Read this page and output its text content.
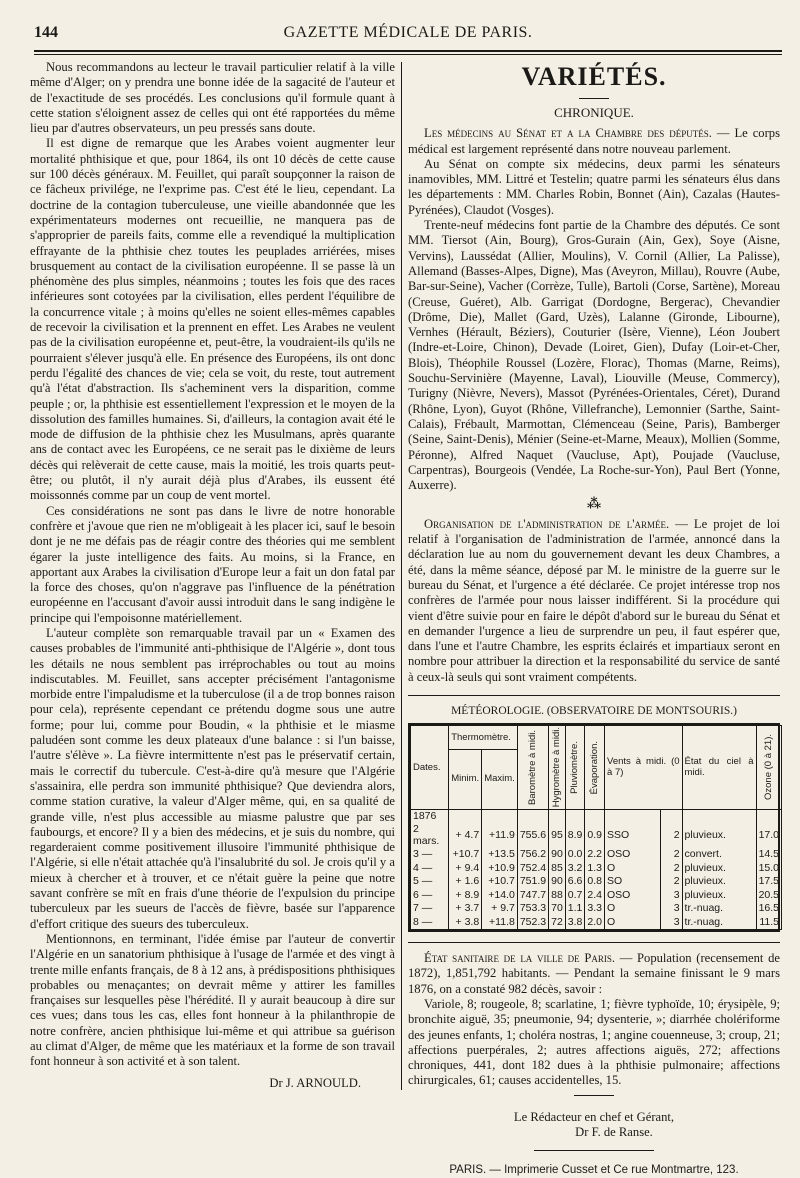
144	GAZETTE MÉDICALE DE PARIS.

Nous recommandons au lecteur le travail particulier relatif à la ville même d'Alger; on y prendra une bonne idée de la sagacité de l'auteur et de l'exactitude de ses procédés. Les conclusions qu'il formule quant à cette station s'éloignent assez de celles qui ont été rapportées du même lieu par d'autres observateurs, un peu pressés sans doute.

Il est digne de remarque que les Arabes voient augmenter leur mortalité phthisique et que, pour 1864, ils ont 10 décès de cette cause sur 100 décès généraux. M. Feuillet, qui paraît soupçonner la raison de ce fâcheux privilége, ne l'exprime pas. C'est été le lieu, cependant. La doctrine de la contagion tuberculeuse, une vieille abandonnée que les expérimentateurs modernes ont recueillie, ne manquera pas de s'approprier de pareils faits, comme elle a revendiqué la multiplication effrayante de la phthisie chez toutes les peuplades arriérées, mises brusquement au contact de la civilisation européenne. Il se passe là un phénomène des plus simples, néanmoins ; toutes les fois que des races inférieures sont cotoyées par la civilisation, elles perdent l'équilibre de la concurrence vitale ; à moins qu'elles ne soient elles-mêmes capables de recevoir la civilisation et la prennent en effet. Les Arabes ne veulent pas de la civilisation européenne et, peut-être, la voudraient-ils qu'ils ne pourraient s'élever jusqu'à elle. En présence des Européens, ils ont donc perdu l'égalité des chances de vie; cela se voit, du reste, tout autrement qu'à l'état d'abstraction. Ils s'acheminent vers la disparition, comme peuple ; or, la phthisie est essentiellement l'expression et le moyen de la dissolution des familles humaines. Si, d'ailleurs, la contagion avait été le mode de diffusion de la phthisie chez les Musulmans, après quarante ans de contact avec les Européens, ce ne serait pas le dixième de leurs décès qui relèverait de cette cause, mais la moitié, les trois quarts peut-être; ou plutôt, il n'y aurait déjà plus d'Arabes, ils eussent été moissonnés comme par un coup de vent mortel.

Ces considérations ne sont pas dans le livre de notre honorable confrère et j'avoue que rien ne m'obligeait à les placer ici, sauf le besoin dont je ne me défais pas de réagir contre des théories qui me semblent égarer la juste intelligence des faits. Au moins, si la France, en apportant aux Arabes la civilisation d'Europe leur a fait un don fatal par la force des choses, qu'on n'aggrave pas l'influence de la pénétration européenne en l'accusant d'avoir aussi introduit dans le sang indigène le principe qui l'empoisonne matériellement.

L'auteur complète son remarquable travail par un « Examen des causes probables de l'immunité anti-phthisique de l'Algérie », dont tous les détails ne nous semblent pas irréprochables ou tout au moins indiscutables. M. Feuillet, sans accepter précisément l'antagonisme morbide entre l'impaludisme et la tuberculose (il a de trop bonnes raison pour cela), représente cependant ce prétendu dogme sous une autre forme; pour lui, comme pour Boudin, « la phthisie et le miasme paludéen sont comme les deux plateaux d'une balance : si l'un baisse, l'autre s'élève ». La fièvre intermittente n'est pas le préservatif certain, mais le correctif du tubercule. C'est-à-dire qu'à mesure que l'Algérie s'assainira, elle perdra son immunité phthisique? Que deviendra alors, comme station curative, la valeur d'Alger même, qui, en sa qualité de grande ville, n'est plus accessible au miasme palustre que par ses faubourgs, et encore? Il y a bien des médecins, et je suis du nombre, qui regarderaient comme positivement illusoire l'immunité phthisique de l'Algérie, si elle n'était attachée qu'à l'insalubrité du sol. Je crois qu'il y a mieux à chercher et à trouver, et ce n'était guère la peine que notre savant confrère se mît en frais d'une théorie de l'expulsion du principe tuberculeux par les sueurs de l'accès de fièvre, basée sur l'apparence d'effort critique des sueurs des tuberculeux.

Mentionnons, en terminant, l'idée émise par l'auteur de convertir l'Algérie en un sanatorium phthisique à l'usage de l'armée et des vingt à trente mille enfants français, de 8 à 12 ans, à prédispositions phthisiques probables ou menaçantes; on devrait même y attirer les familles françaises sur lesquelles pèse l'hérédité. Il y aurait beaucoup à dire sur ces vues; dans tous les cas, elles font honneur à la philanthropie de notre confrère, ancien phthisique lui-même et qui attribue sa guérison au climat d'Alger, de même que les matériaux et la forme de son travail font honneur à son activité et à son talent.

Dr J. ARNOULD.
VARIÉTÉS.
CHRONIQUE.

Les médecins au Sénat et a la Chambre des députés. — Le corps médical est largement représenté dans notre nouveau parlement.

Au Sénat on compte six médecins, deux parmi les sénateurs inamovibles, MM. Littré et Testelin; quatre parmi les sénateurs élus dans les départements : MM. Charles Robin, Bonnet (Ain), Cazalas (Hautes-Pyrénées), Claudot (Vosges).

Trente-neuf médecins font partie de la Chambre des députés. Ce sont MM. Tiersot (Ain, Bourg), Gros-Gurain (Ain, Gex), Soye (Aisne, Vervins), Laussédat (Allier, Moulins), V. Cornil (Allier, La Palisse), Allemand (Basses-Alpes, Digne), Mas (Aveyron, Millau), Rouvre (Aube, Bar-sur-Seine), Vacher (Corrèze, Tulle), Bartoli (Corse, Sartène), Moreau (Creuse, Guéret), Alb. Garrigat (Dordogne, Bergerac), Chevandier (Drôme, Die), Mallet (Gard, Uzès), Lalanne (Gironde, Libourne), Vernhes (Hérault, Béziers), Couturier (Isère, Vienne), Léon Joubert (Indre-et-Loire, Chinon), Devade (Loiret, Gien), Dufay (Loir-et-Cher, Blois), Théophile Roussel (Lozère, Florac), Thomas (Marne, Reims), Souchu-Servinière (Mayenne, Laval), Liouville (Meuse, Commercy), Turigny (Nièvre, Nevers), Massot (Pyrénées-Orientales, Céret), Durand (Rhône, Lyon), Guyot (Rhône, Villefranche), Lemonnier (Sarthe, Saint-Calais), Frébault, Marmottan, Clémenceau (Seine, Paris), Bamberger (Seine, Saint-Denis), Ménier (Seine-et-Marne, Meaux), Mollien (Somme, Péronne), Alfred Naquet (Vaucluse, Apt), Poujade (Vaucluse, Carpentras), Bourgeois (Vendée, La Roche-sur-Yon), Paul Bert (Yonne, Auxerre).

⁂

Organisation de l'administration de l'armée. — Le projet de loi relatif à l'organisation de l'administration de l'armée, annoncé dans la déclaration lue au nom du gouvernement devant les deux Chambres, a été, dans la même séance, déposé par M. le ministre de la guerre sur le bureau du Sénat, et l'urgence a été déclarée. Ce projet intéresse trop nos confrères de l'armée pour nous laisser indifférent. Si la procédure qui vient d'être suivie pour en faire le dépôt d'abord sur le bureau du Sénat et en demander l'urgence a lieu de surprendre un peu, il faut espérer que, dans l'une et l'autre Chambre, les esprits éclairés et impartiaux seront en nombre pour attribuer la direction et la responsabilité du service de santé à ceux-là seuls qui sont vraiment compétents.

MÉTÉOROLOGIE. (OBSERVATOIRE DE MONTSOURIS.)
Dates.	Thermomètre.		Baromètre à midi.	Hygromètre à midi.	Pluviomètre.	Évaporation.	Vents à midi. (0 à 7)		État du ciel à midi.	Ozone (0 à 21).

	Minim.	Maxim.								
1876										
2 mars.	+ 4.7	+11.9	755.6	95	8.9	0.9	SSO	2	pluvieux.	17.0
3 —	+10.7	+13.5	756.2	90	0.0	2.2	OSO	2	convert.	14.5
4 —	+ 9.4	+10.9	752.4	85	3.2	1.3	O	2	pluvieux.	15.0
5 —	+ 1.6	+10.7	751.9	90	6.6	0.8	SO	2	pluvieux.	17.5
6 —	+ 8.9	+14.0	747.7	88	0.7	2.4	OSO	3	pluvieux.	20.5
7 —	+ 3.7	+ 9.7	753.3	70	1.1	3.3	O	3	tr.-nuag.	16.5
8 —	+ 3.8	+11.8	752.3	72	3.8	2.0	O	3	tr.-nuag.	11.5

État sanitaire de la ville de Paris. — Population (recensement de 1872), 1,851,792 habitants. — Pendant la semaine finissant le 9 mars 1876, on a constaté 982 décès, savoir :

Variole, 8; rougeole, 8; scarlatine, 1; fièvre typhoïde, 10; érysipèle, 9; bronchite aiguë, 35; pneumonie, 94; dysenterie, »; diarrhée cholériforme des jeunes enfants, 1; choléra nostras, 1; angine couenneuse, 3; croup, 21; affections puerpérales, 2; autres affections aiguës, 272; affections chroniques, 441, dont 182 dues à la phthisie pulmonaire; affections chirurgicales, 61; causes accidentelles, 15.

Le Rédacteur en chef et Gérant,
Dr F. de Ranse.
PARIS. — Imprimerie Cusset et Ce rue Montmartre, 123.
